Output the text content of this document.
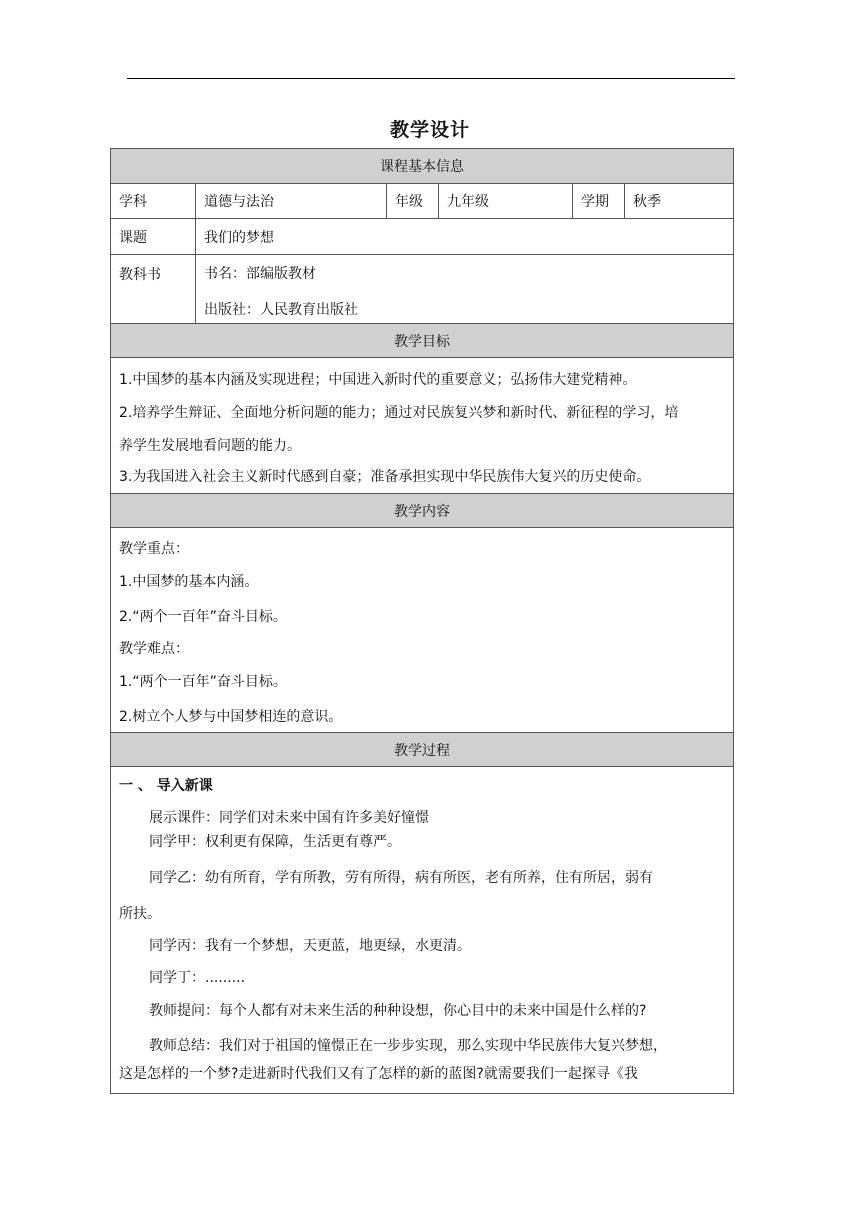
教学设计
课程基本信息
学科	道德与法治	年级	九年级	学期	秋季
课题	我们的梦想
教科书	书名：部编版教材
出版社：人民教育出版社
教学目标
1.中国梦的基本内涵及实现进程；中国进入新时代的重要意义；弘扬伟大建党精神。
2.培养学生辩证、全面地分析问题的能力；通过对民族复兴梦和新时代、新征程的学习，培
养学生发展地看问题的能力。
3.为我国进入社会主义新时代感到自豪；准备承担实现中华民族伟大复兴的历史使命。
教学内容
教学重点：
1.中国梦的基本内涵。
2.“两个一百年”奋斗目标。
教学难点：
1.“两个一百年”奋斗目标。
2.树立个人梦与中国梦相连的意识。
教学过程
一 、 导入新课
展示课件：同学们对未来中国有许多美好憧憬
同学甲：权利更有保障，生活更有尊严。
同学乙：幼有所育，学有所教，劳有所得，病有所医，老有所养，住有所居，弱有
所扶。
同学丙：我有一个梦想，天更蓝，地更绿，水更清。
同学丁：.........
教师提问：每个人都有对未来生活的种种设想，你心目中的未来中国是什么样的?
教师总结：我们对于祖国的憧憬正在一步步实现，那么实现中华民族伟大复兴梦想，
这是怎样的一个梦?走进新时代我们又有了怎样的新的蓝图?就需要我们一起探寻《我
